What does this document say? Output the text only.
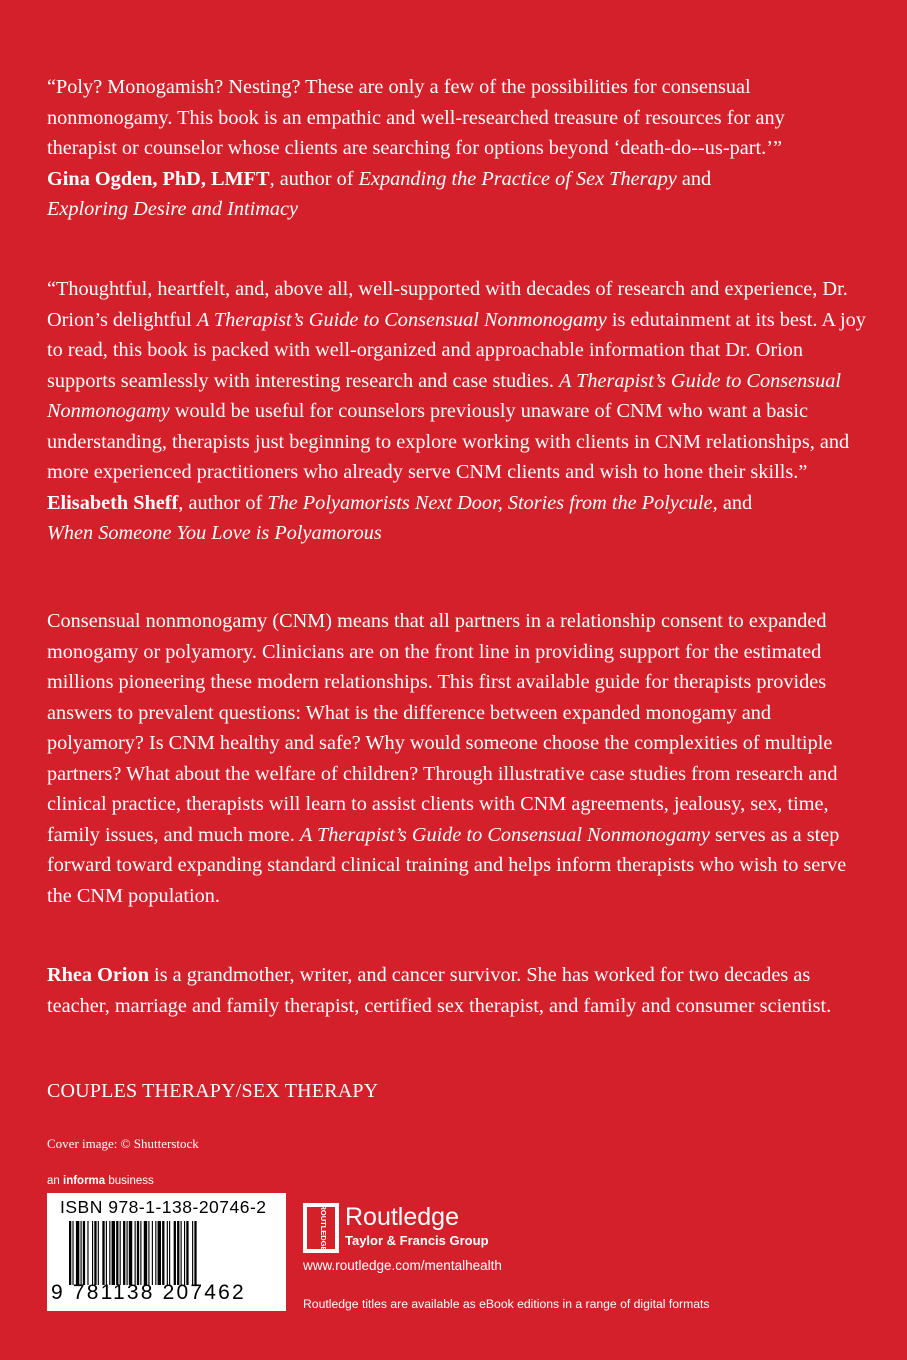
“Poly? Monogamish? Nesting? These are only a few of the possibilities for consensual nonmonogamy. This book is an empathic and well-researched treasure of resources for any therapist or counselor whose clients are searching for options beyond ‘death-do--us-part.’”
Gina Ogden, PhD, LMFT, author of Expanding the Practice of Sex Therapy and
Exploring Desire and Intimacy

“Thoughtful, heartfelt, and, above all, well-supported with decades of research and experience, Dr. Orion’s delightful A Therapist’s Guide to Consensual Nonmonogamy is edutainment at its best. A joy to read, this book is packed with well-organized and approachable information that Dr. Orion supports seamlessly with interesting research and case studies. A Therapist’s Guide to Consensual Nonmonogamy would be useful for counselors previously unaware of CNM who want a basic understanding, therapists just beginning to explore working with clients in CNM relationships, and more experienced practitioners who already serve CNM clients and wish to hone their skills.”
Elisabeth Sheff, author of The Polyamorists Next Door, Stories from the Polycule, and
When Someone You Love is Polyamorous

Consensual nonmonogamy (CNM) means that all partners in a relationship consent to expanded monogamy or polyamory. Clinicians are on the front line in providing support for the estimated millions pioneering these modern relationships. This first available guide for therapists provides answers to prevalent questions: What is the difference between expanded monogamy and polyamory? Is CNM healthy and safe? Why would someone choose the complexities of multiple partners? What about the welfare of children? Through illustrative case studies from research and clinical practice, therapists will learn to assist clients with CNM agreements, jealousy, sex, time, family issues, and much more. A Therapist’s Guide to Consensual Nonmonogamy serves as a step forward toward expanding standard clinical training and helps inform therapists who wish to serve the CNM population.

Rhea Orion is a grandmother, writer, and cancer survivor. She has worked for two decades as teacher, marriage and family therapist, certified sex therapist, and family and consumer scientist.

COUPLES THERAPY/SEX THERAPY
Cover image: © Shutterstock
an informa business
ISBN 978-1-138-20746-2
9 781138 207462
ROUTLEDGE Routledge
Taylor & Francis Group
www.routledge.com/mentalhealth
Routledge titles are available as eBook editions in a range of digital formats
